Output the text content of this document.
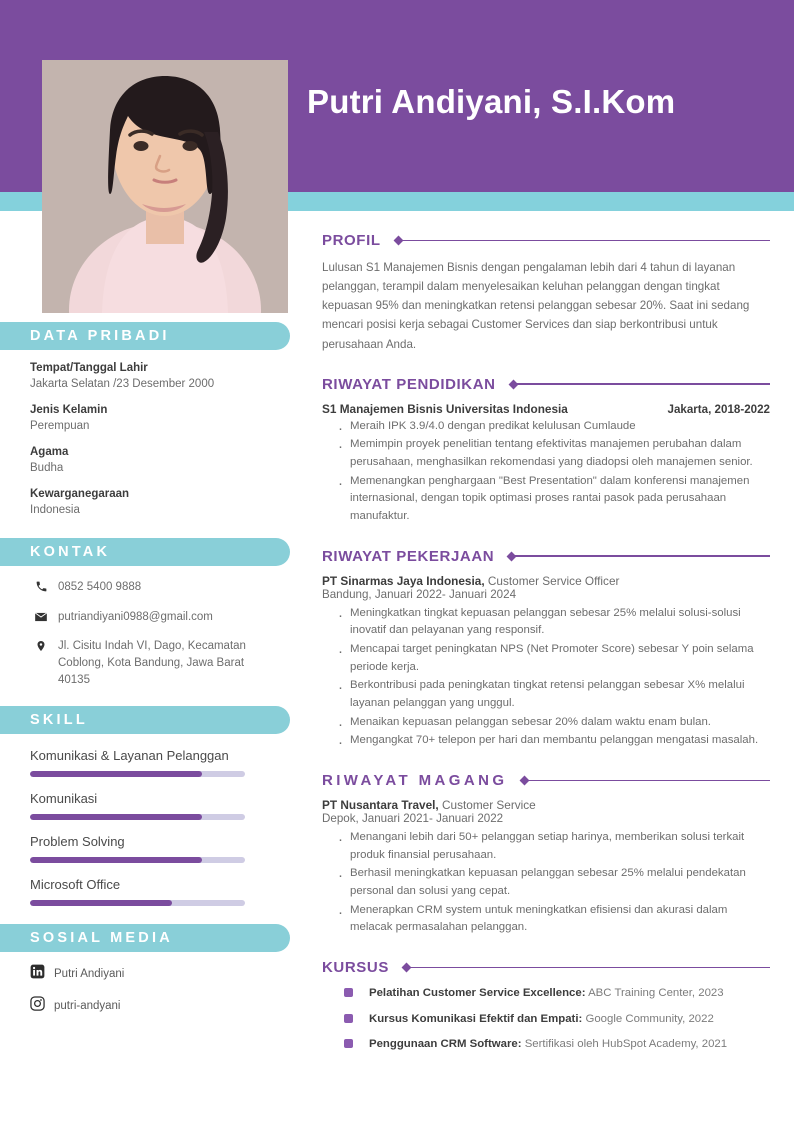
Putri Andiyani, S.I.Kom
DATA PRIBADI
Tempat/Tanggal Lahir
Jakarta Selatan /23 Desember 2000
Jenis Kelamin
Perempuan
Agama
Budha
Kewarganegaraan
Indonesia
KONTAK
0852 5400 9888
putriandiyani0988@gmail.com
Jl. Cisitu Indah VI, Dago, Kecamatan Coblong, Kota Bandung, Jawa Barat 40135
SKILL
Komunikasi & Layanan Pelanggan
Komunikasi
Problem Solving
Microsoft Office
SOSIAL MEDIA
Putri Andiyani
putri-andyani
PROFIL
Lulusan S1 Manajemen Bisnis dengan pengalaman lebih dari 4 tahun di layanan pelanggan, terampil dalam menyelesaikan keluhan pelanggan dengan tingkat kepuasan 95% dan meningkatkan retensi pelanggan sebesar 20%. Saat ini sedang mencari posisi kerja sebagai Customer Services dan siap berkontribusi untuk perusahaan Anda.
RIWAYAT PENDIDIKAN
S1 Manajemen Bisnis Universitas Indonesia	Jakarta, 2018-2022
· Meraih IPK 3.9/4.0 dengan predikat kelulusan Cumlaude
· Memimpin proyek penelitian tentang efektivitas manajemen perubahan dalam perusahaan, menghasilkan rekomendasi yang diadopsi oleh manajemen senior.
· Memenangkan penghargaan "Best Presentation" dalam konferensi manajemen internasional, dengan topik optimasi proses rantai pasok pada perusahaan manufaktur.
RIWAYAT PEKERJAAN
PT Sinarmas Jaya Indonesia, Customer Service Officer
Bandung, Januari 2022- Januari 2024
· Meningkatkan tingkat kepuasan pelanggan sebesar 25% melalui solusi-solusi inovatif dan pelayanan yang responsif.
· Mencapai target peningkatan NPS (Net Promoter Score) sebesar Y poin selama periode kerja.
· Berkontribusi pada peningkatan tingkat retensi pelanggan sebesar X% melalui layanan pelanggan yang unggul.
· Menaikan kepuasan pelanggan sebesar 20% dalam waktu enam bulan.
· Mengangkat 70+ telepon per hari dan membantu pelanggan mengatasi masalah.
RIWAYAT MAGANG
PT Nusantara Travel, Customer Service
Depok, Januari 2021- Januari 2022
· Menangani lebih dari 50+ pelanggan setiap harinya, memberikan solusi terkait produk finansial perusahaan.
· Berhasil meningkatkan kepuasan pelanggan sebesar 25% melalui pendekatan personal dan solusi yang cepat.
· Menerapkan CRM system untuk meningkatkan efisiensi dan akurasi dalam melacak permasalahan pelanggan.
KURSUS
Pelatihan Customer Service Excellence: ABC Training Center, 2023
Kursus Komunikasi Efektif dan Empati: Google Community, 2022
Penggunaan CRM Software: Sertifikasi oleh HubSpot Academy, 2021
